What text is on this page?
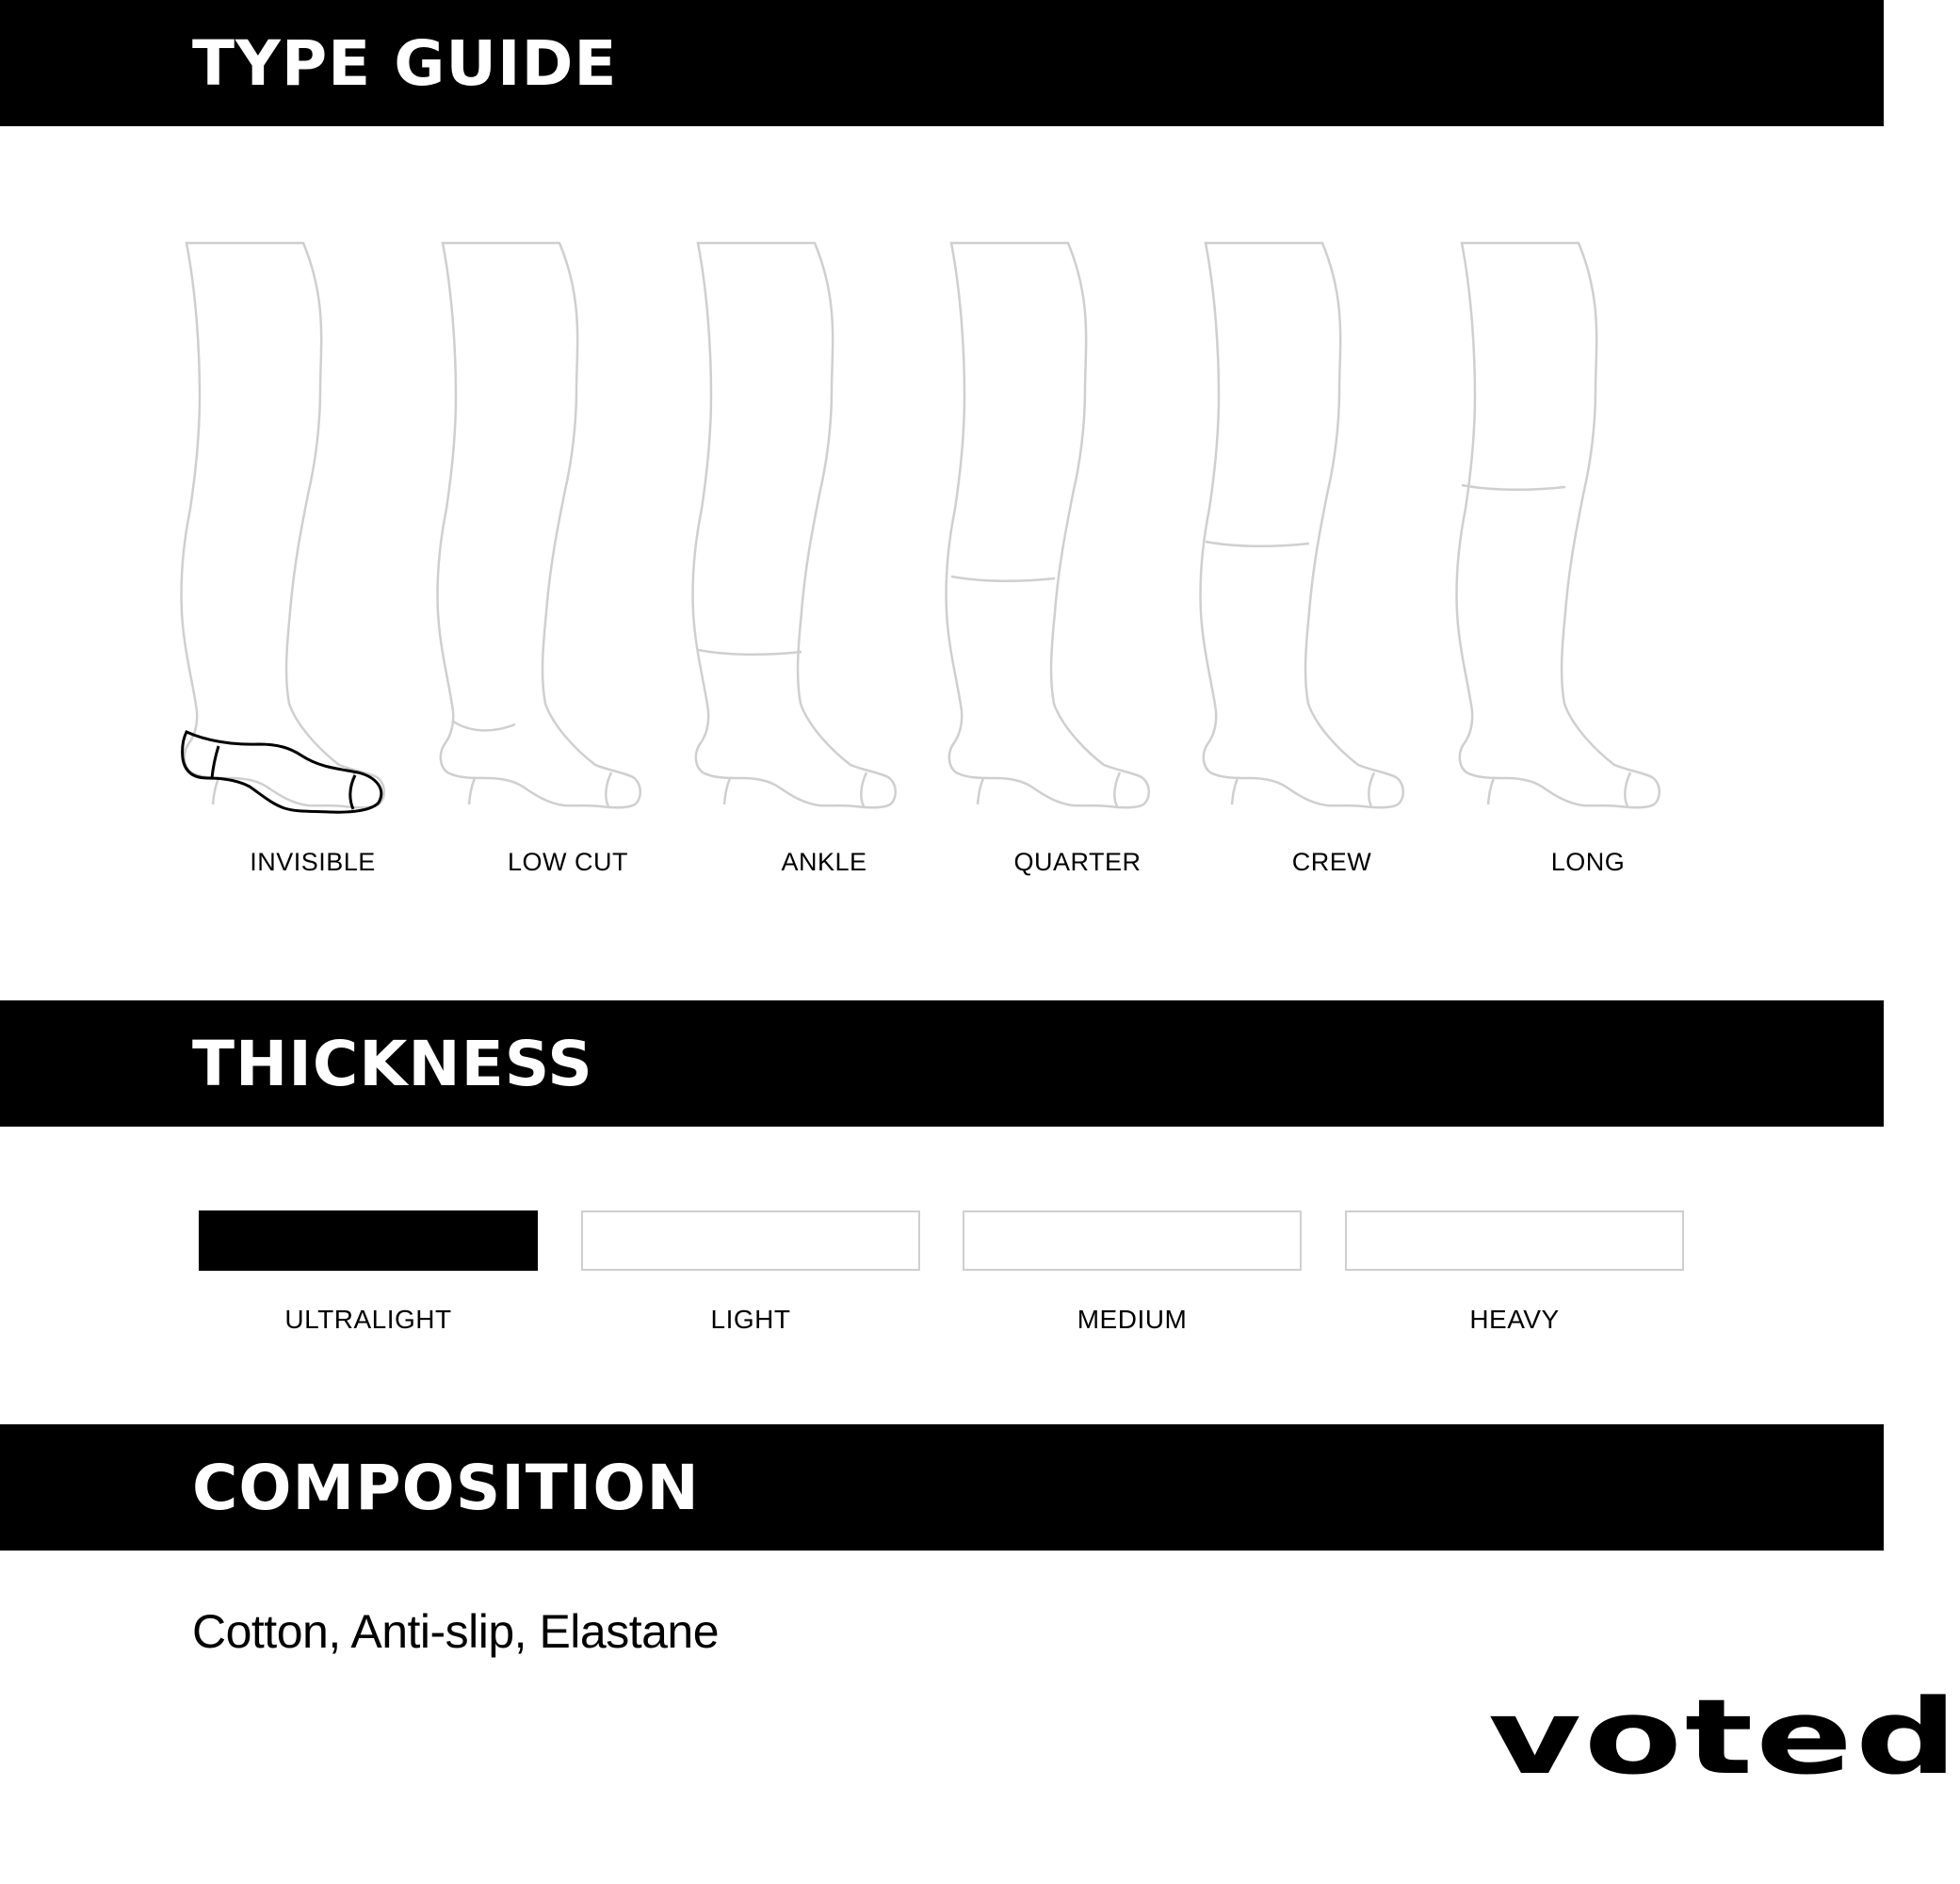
TYPE GUIDE
INVISIBLE	LOW CUT	ANKLE	QUARTER	CREW	LONG
THICKNESS
ULTRALIGHT	LIGHT	MEDIUM	HEAVY
COMPOSITION
Cotton, Anti-slip, Elastane
voted
